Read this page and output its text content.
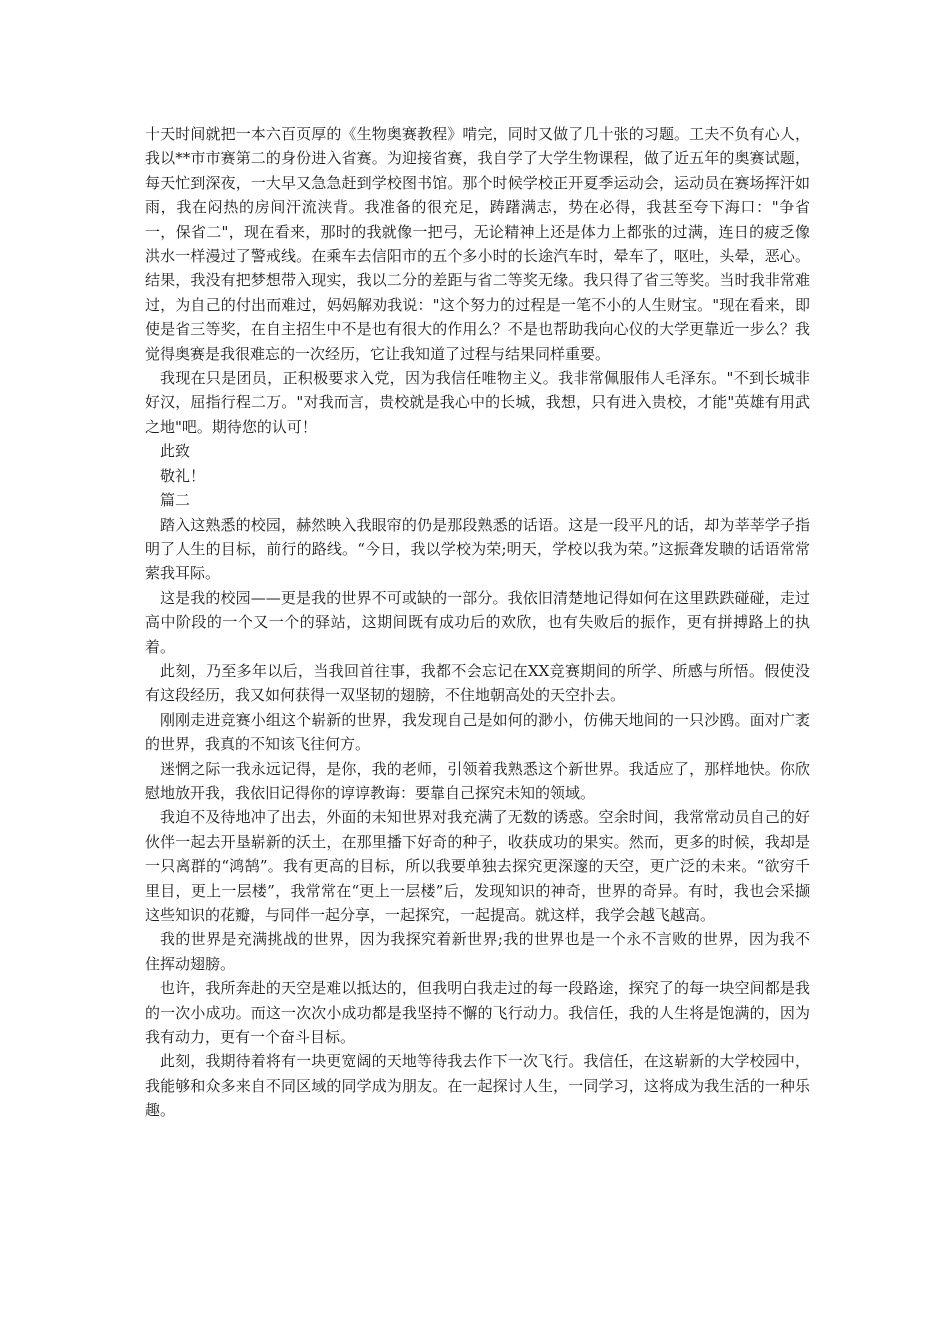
十天时间就把一本六百页厚的《生物奥赛教程》啃完，同时又做了几十张的习题。工夫不负有心人，我以**市市赛第二的身份进入省赛。为迎接省赛，我自学了大学生物课程，做了近五年的奥赛试题，每天忙到深夜，一大早又急急赶到学校图书馆。那个时候学校正开夏季运动会，运动员在赛场挥汗如雨，我在闷热的房间汗流浃背。我准备的很充足，踌躇满志，势在必得，我甚至夸下海口："争省一，保省二"，现在看来，那时的我就像一把弓，无论精神上还是体力上都张的过满，连日的疲乏像洪水一样漫过了警戒线。在乘车去信阳市的五个多小时的长途汽车时，晕车了，呕吐，头晕，恶心。结果，我没有把梦想带入现实，我以二分的差距与省二等奖无缘。我只得了省三等奖。当时我非常难过，为自己的付出而难过，妈妈解劝我说："这个努力的过程是一笔不小的人生财宝。"现在看来，即使是省三等奖，在自主招生中不是也有很大的作用么？不是也帮助我向心仪的大学更靠近一步么？我觉得奥赛是我很难忘的一次经历，它让我知道了过程与结果同样重要。

我现在只是团员，正积极要求入党，因为我信任唯物主义。我非常佩服伟人毛泽东。"不到长城非好汉，屈指行程二万。"对我而言，贵校就是我心中的长城，我想，只有进入贵校，才能"英雄有用武之地"吧。期待您的认可！

此致

敬礼！

篇二

踏入这熟悉的校园，赫然映入我眼帘的仍是那段熟悉的话语。这是一段平凡的话，却为莘莘学子指明了人生的目标，前行的路线。“今日，我以学校为荣;明天，学校以我为荣。”这振聋发聩的话语常常萦我耳际。

这是我的校园——更是我的世界不可或缺的一部分。我依旧清楚地记得如何在这里跌跌碰碰，走过高中阶段的一个又一个的驿站，这期间既有成功后的欢欣，也有失败后的振作，更有拼搏路上的执着。

此刻，乃至多年以后，当我回首往事，我都不会忘记在XX竞赛期间的所学、所感与所悟。假使没有这段经历，我又如何获得一双坚韧的翅膀，不住地朝高处的天空扑去。

刚刚走进竞赛小组这个崭新的世界，我发现自己是如何的渺小，仿佛天地间的一只沙鸥。面对广袤的世界，我真的不知该飞往何方。

迷惘之际一我永远记得，是你，我的老师，引领着我熟悉这个新世界。我适应了，那样地快。你欣慰地放开我，我依旧记得你的谆谆教诲：要靠自己探究未知的领域。

我迫不及待地冲了出去，外面的未知世界对我充满了无数的诱惑。空余时间，我常常动员自己的好伙伴一起去开垦崭新的沃土，在那里播下好奇的种子，收获成功的果实。然而，更多的时候，我却是一只离群的“鸿鹄”。我有更高的目标，所以我要单独去探究更深邃的天空，更广泛的未来。“欲穷千里目，更上一层楼”，我常常在“更上一层楼”后，发现知识的神奇，世界的奇异。有时，我也会采撷这些知识的花瓣，与同伴一起分享，一起探究，一起提高。就这样，我学会越飞越高。

我的世界是充满挑战的世界，因为我探究着新世界;我的世界也是一个永不言败的世界，因为我不住挥动翅膀。

也许，我所奔赴的天空是难以抵达的，但我明白我走过的每一段路途，探究了的每一块空间都是我的一次小成功。而这一次次小成功都是我坚持不懈的飞行动力。我信任，我的人生将是饱满的，因为我有动力，更有一个奋斗目标。

此刻，我期待着将有一块更宽阔的天地等待我去作下一次飞行。我信任，在这崭新的大学校园中，我能够和众多来自不同区域的同学成为朋友。在一起探讨人生，一同学习，这将成为我生活的一种乐趣。
